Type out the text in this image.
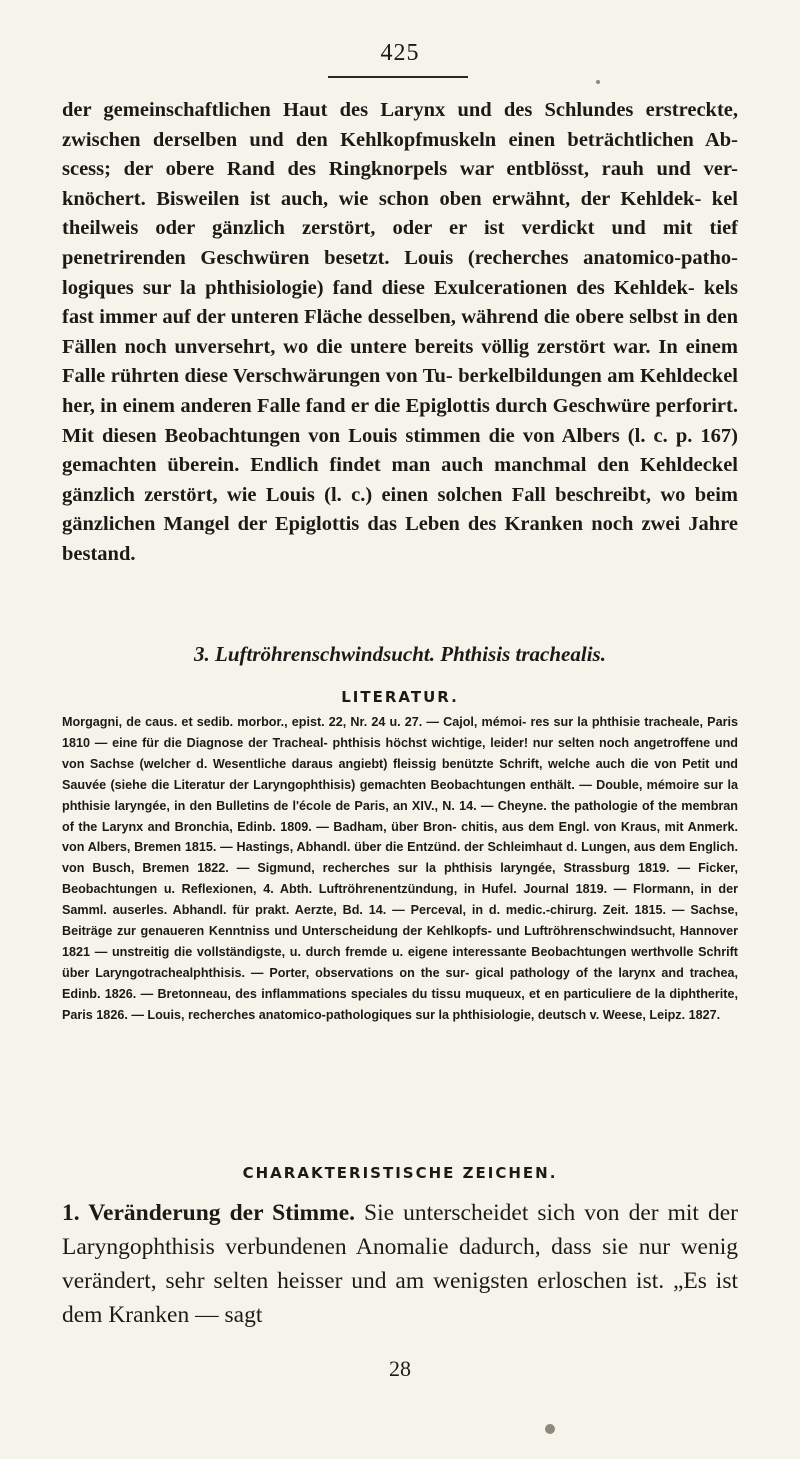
425
der gemeinschaftlichen Haut des Larynx und des Schlundes erstreckte, zwischen derselben und den Kehlkopfmuskeln einen beträchtlichen Ab- scess; der obere Rand des Ringknorpels war entblösst, rauh und ver- knöchert. Bisweilen ist auch, wie schon oben erwähnt, der Kehldek- kel theilweis oder gänzlich zerstört, oder er ist verdickt und mit tief penetrirenden Geschwüren besetzt. Louis (recherches anatomico-patho- logiques sur la phthisiologie) fand diese Exulcerationen des Kehldek- kels fast immer auf der unteren Fläche desselben, während die obere selbst in den Fällen noch unversehrt, wo die untere bereits völlig zerstört war. In einem Falle rührten diese Verschwärungen von Tu- berkelbildungen am Kehldeckel her, in einem anderen Falle fand er die Epiglottis durch Geschwüre perforirt. Mit diesen Beobachtungen von Louis stimmen die von Albers (l. c. p. 167) gemachten überein. Endlich findet man auch manchmal den Kehldeckel gänzlich zerstört, wie Louis (l. c.) einen solchen Fall beschreibt, wo beim gänzlichen Mangel der Epiglottis das Leben des Kranken noch zwei Jahre bestand.
3. Luftröhrenschwindsucht. Phthisis trachealis.
LITERATUR.
Morgagni, de caus. et sedib. morbor., epist. 22, Nr. 24 u. 27. — Cajol, mémoi- res sur la phthisie tracheale, Paris 1810 — eine für die Diagnose der Tracheal- phthisis höchst wichtige, leider! nur selten noch angetroffene und von Sachse (welcher d. Wesentliche daraus angiebt) fleissig benützte Schrift, welche auch die von Petit und Sauvée (siehe die Literatur der Laryngophthisis) gemachten Beobachtungen enthält. — Double, mémoire sur la phthisie laryngée, in den Bulletins de l'école de Paris, an XIV., N. 14. — Cheyne. the pathologie of the membran of the Larynx and Bronchia, Edinb. 1809. — Badham, über Bron- chitis, aus dem Engl. von Kraus, mit Anmerk. von Albers, Bremen 1815. — Hastings, Abhandl. über die Entzünd. der Schleimhaut d. Lungen, aus dem Englich. von Busch, Bremen 1822. — Sigmund, recherches sur la phthisis laryngée, Strassburg 1819. — Ficker, Beobachtungen u. Reflexionen, 4. Abth. Luftröhrenentzündung, in Hufel. Journal 1819. — Flormann, in der Samml. auserles. Abhandl. für prakt. Aerzte, Bd. 14. — Perceval, in d. medic.-chirurg. Zeit. 1815. — Sachse, Beiträge zur genaueren Kenntniss und Unterscheidung der Kehlkopfs- und Luftröhrenschwindsucht, Hannover 1821 — unstreitig die vollständigste, u. durch fremde u. eigene interessante Beobachtungen werthvolle Schrift über Laryngotrachealphthisis. — Porter, observations on the sur- gical pathology of the larynx and trachea, Edinb. 1826. — Bretonneau, des inflammations speciales du tissu muqueux, et en particuliere de la diphtherite, Paris 1826. — Louis, recherches anatomico-pathologiques sur la phthisiologie, deutsch v. Weese, Leipz. 1827.
CHARAKTERISTISCHE ZEICHEN.
1. Veränderung der Stimme. Sie unterscheidet sich von der mit der Laryngophthisis verbundenen Anomalie dadurch, dass sie nur wenig verändert, sehr selten heisser und am wenigsten erloschen ist. „Es ist dem Kranken — sagt
28
